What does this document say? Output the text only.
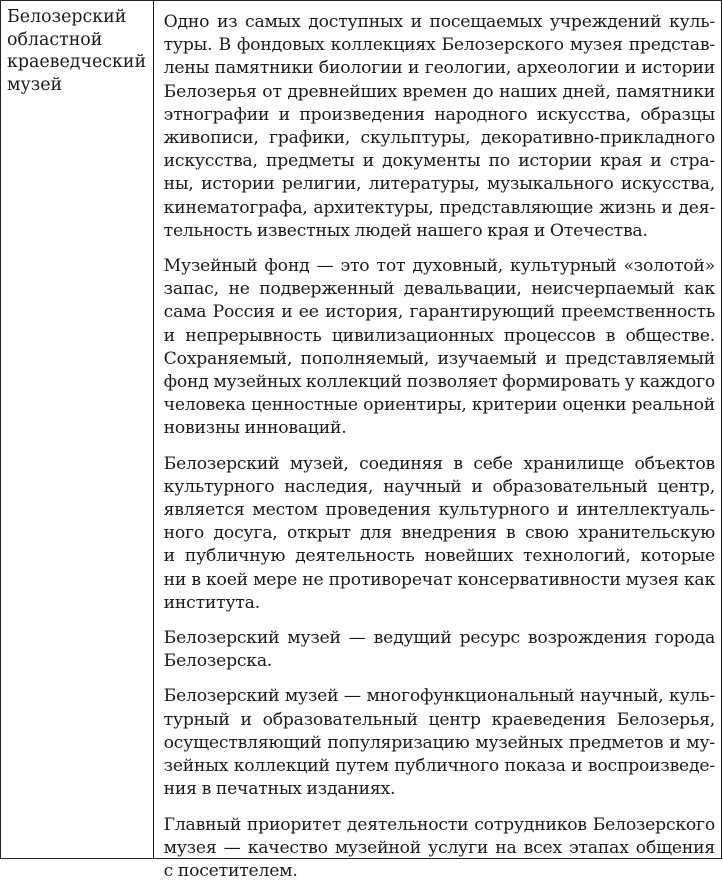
Белозерский
областной
краеведческий
музей
Одно из самых доступных и посещаемых учреждений куль-
туры. В фондовых коллекциях Белозерского музея представ-
лены памятники биологии и геологии, археологии и истории
Белозерья от древнейших времен до наших дней, памятники
этнографии и произведения народного искусства, образцы
живописи, графики, скульптуры, декоративно-прикладного
искусства, предметы и документы по истории края и стра-
ны, истории религии, литературы, музыкального искусства,
кинематографа, архитектуры, представляющие жизнь и дея-
тельность известных людей нашего края и Отечества.
Музейный фонд — это тот духовный, культурный «золотой»
запас, не подверженный девальвации, неисчерпаемый как
сама Россия и ее история, гарантирующий преемственность
и непрерывность цивилизационных процессов в обществе.
Сохраняемый, пополняемый, изучаемый и представляемый
фонд музейных коллекций позволяет формировать у каждого
человека ценностные ориентиры, критерии оценки реальной
новизны инноваций.
Белозерский музей, соединяя в себе хранилище объектов
культурного наследия, научный и образовательный центр,
является местом проведения культурного и интеллектуаль-
ного досуга, открыт для внедрения в свою хранительскую
и публичную деятельность новейших технологий, которые
ни в коей мере не противоречат консервативности музея как
института.
Белозерский музей — ведущий ресурс возрождения города
Белозерска.
Белозерский музей — многофункциональный научный, куль-
турный и образовательный центр краеведения Белозерья,
осуществляющий популяризацию музейных предметов и му-
зейных коллекций путем публичного показа и воспроизведе-
ния в печатных изданиях.
Главный приоритет деятельности сотрудников Белозерского
музея — качество музейной услуги на всех этапах общения
с посетителем.
